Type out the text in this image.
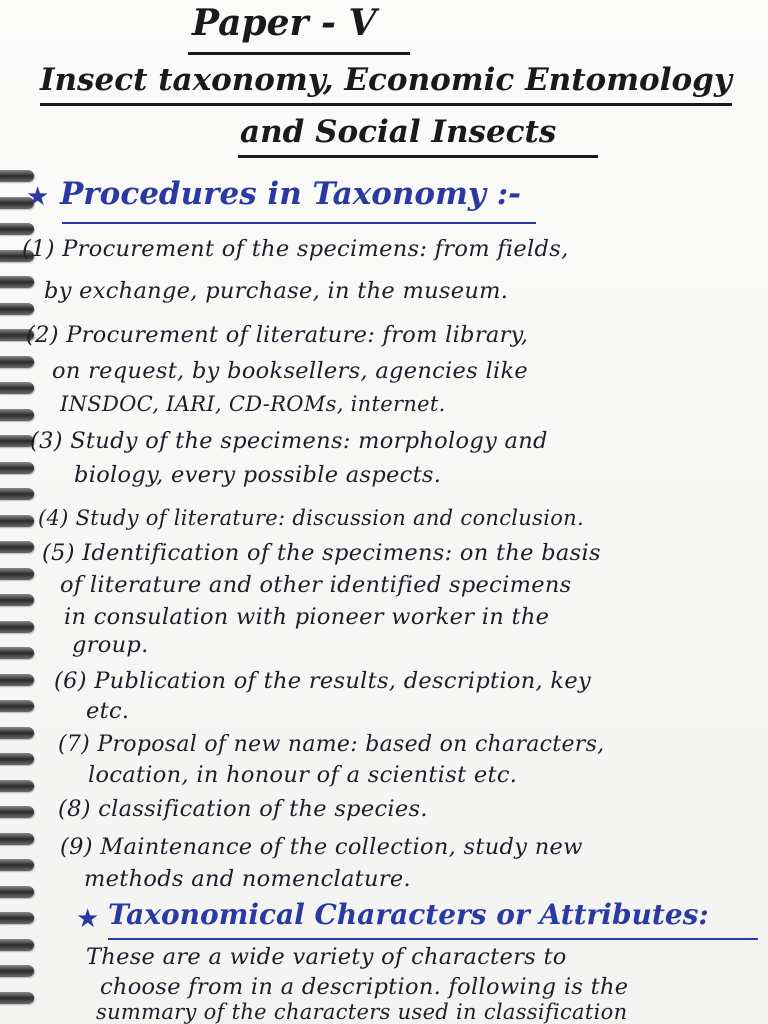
Paper - V
Insect taxonomy, Economic Entomology
and Social Insects
★ Procedures in Taxonomy :-
(1) Procurement of the specimens: from fields,
by exchange, purchase, in the museum.
(2) Procurement of literature: from library,
on request, by booksellers, agencies like
INSDOC, IARI, CD-ROMs, internet.
(3) Study of the specimens: morphology and
biology, every possible aspects.
(4) Study of literature: discussion and conclusion.
(5) Identification of the specimens: on the basis
of literature and other identified specimens
in consulation with pioneer worker in the
group.
(6) Publication of the results, description, key
etc.
(7) Proposal of new name: based on characters,
location, in honour of a scientist etc.
(8) classification of the species.
(9) Maintenance of the collection, study new
methods and nomenclature.
★ Taxonomical Characters or Attributes:
These are a wide variety of characters to
choose from in a description. following is the
summary of the characters used in classification
